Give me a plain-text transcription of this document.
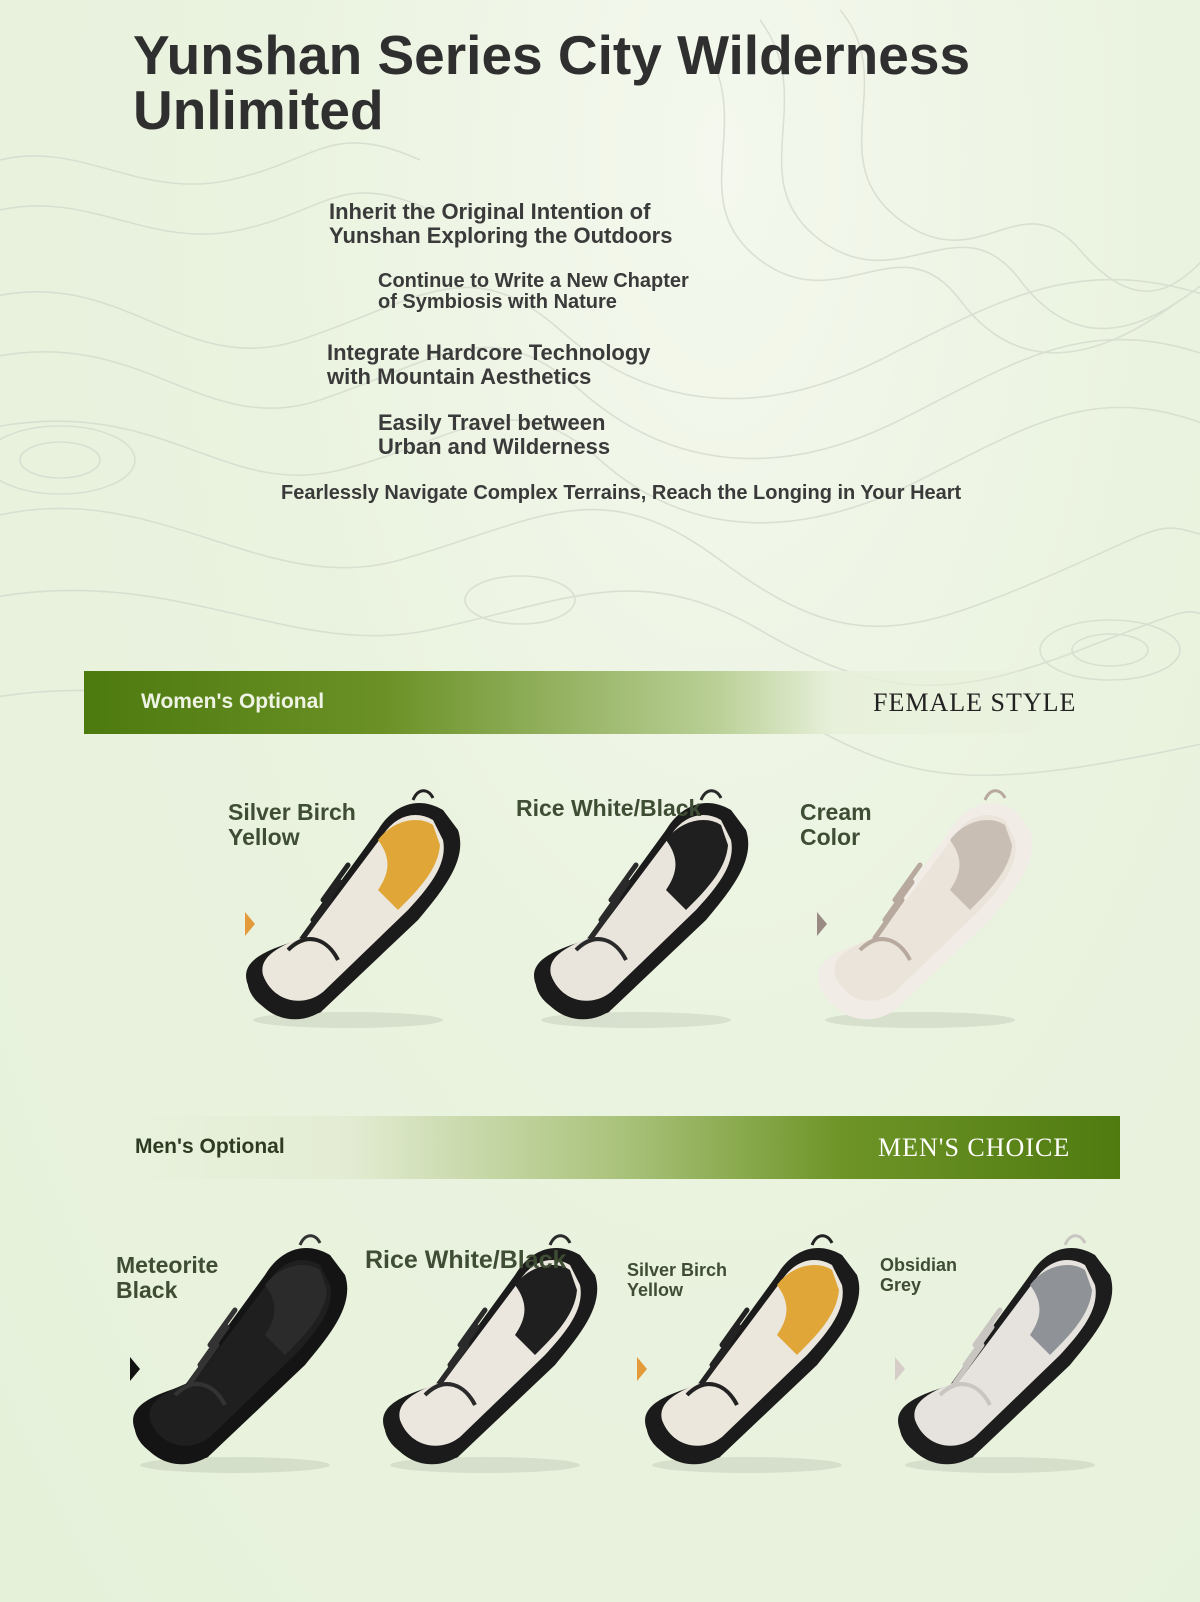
Yunshan Series City Wilderness
Unlimited
Inherit the Original Intention of
Yunshan Exploring the Outdoors
Continue to Write a New Chapter
of Symbiosis with Nature
Integrate Hardcore Technology
with Mountain Aesthetics
Easily Travel between
Urban and Wilderness
Fearlessly Navigate Complex Terrains, Reach the Longing in Your Heart
Women's Optional	FEMALE STYLE
Silver Birch
Yellow
Rice White/Black	Cream
Color
Men's Optional	MEN'S CHOICE
Meteorite
Black
Rice White/Black	Silver Birch
Yellow
Obsidian
Grey
